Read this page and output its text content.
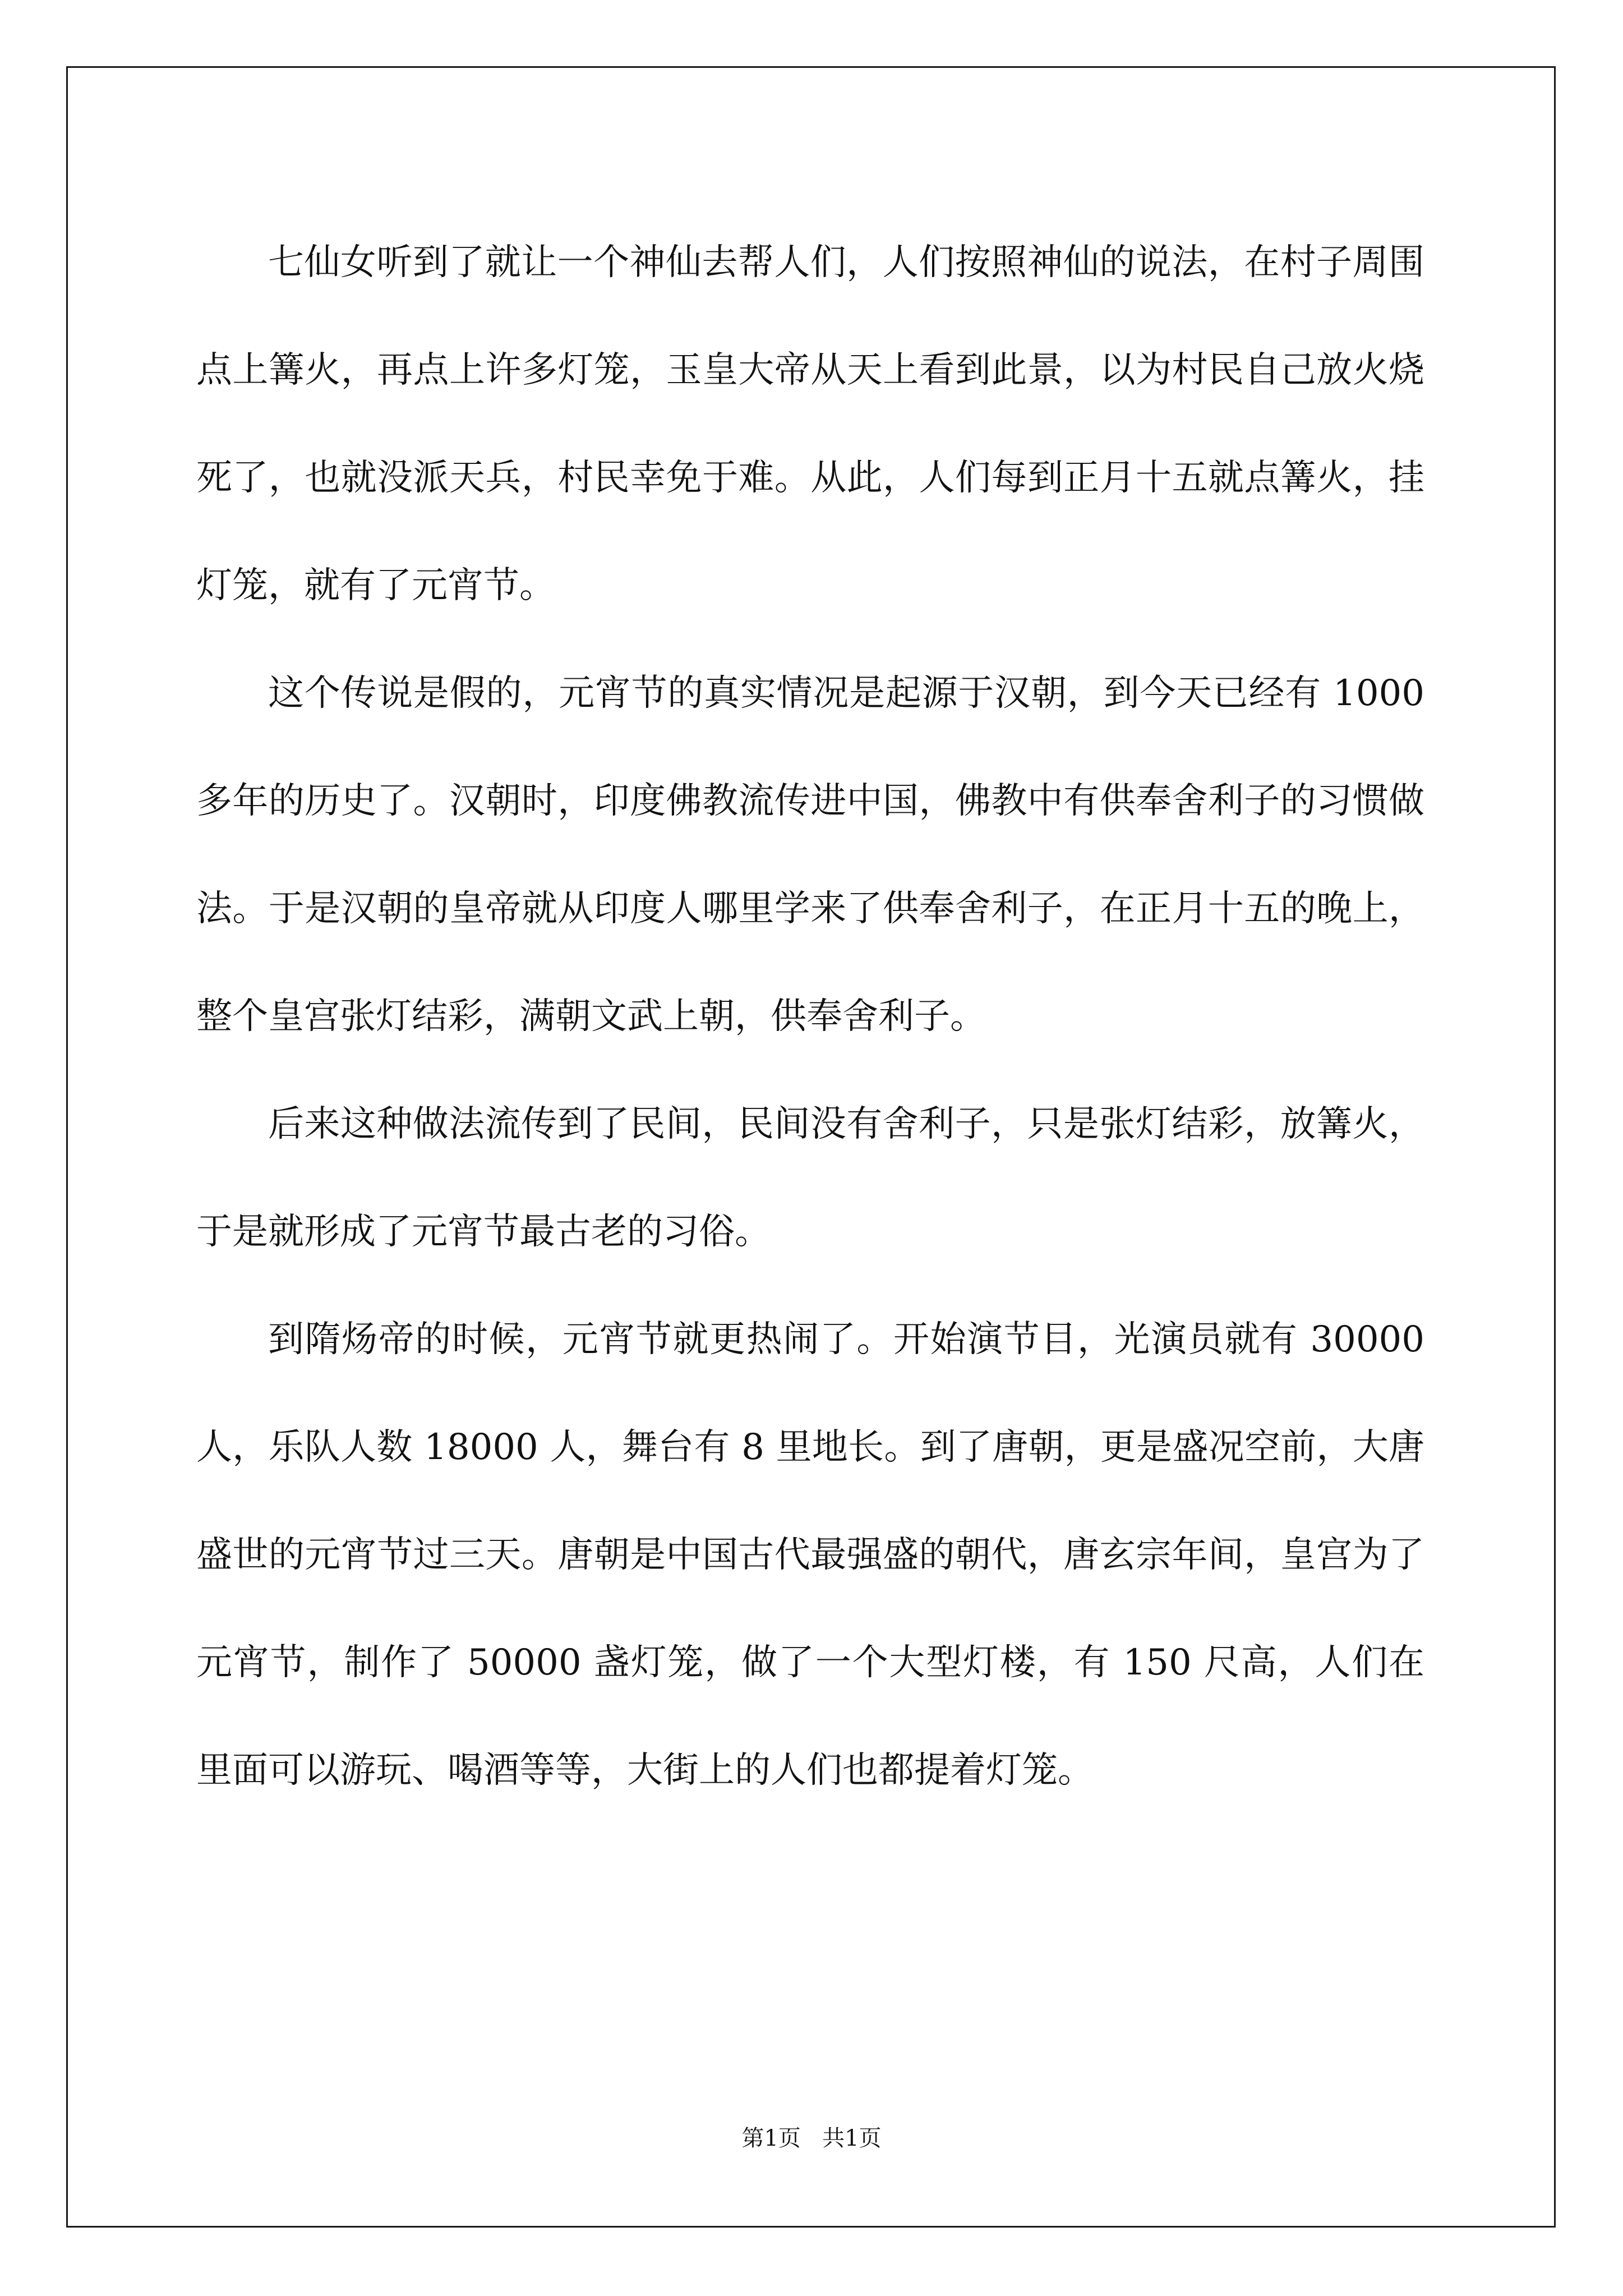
七仙女听到了就让一个神仙去帮人们，人们按照神仙的说法，在村子周围点上篝火，再点上许多灯笼，玉皇大帝从天上看到此景，以为村民自己放火烧死了，也就没派天兵，村民幸免于难。从此，人们每到正月十五就点篝火，挂灯笼，就有了元宵节。

这个传说是假的，元宵节的真实情况是起源于汉朝，到今天已经有 1000 多年的历史了。汉朝时，印度佛教流传进中国，佛教中有供奉舍利子的习惯做法。于是汉朝的皇帝就从印度人哪里学来了供奉舍利子，在正月十五的晚上，整个皇宫张灯结彩，满朝文武上朝，供奉舍利子。

后来这种做法流传到了民间，民间没有舍利子，只是张灯结彩，放篝火，于是就形成了元宵节最古老的习俗。

到隋炀帝的时候，元宵节就更热闹了。开始演节目，光演员就有 30000 人，乐队人数 18000 人，舞台有 8 里地长。到了唐朝，更是盛况空前，大唐盛世的元宵节过三天。唐朝是中国古代最强盛的朝代，唐玄宗年间，皇宫为了元宵节，制作了 50000 盏灯笼，做了一个大型灯楼，有 150 尺高，人们在里面可以游玩、喝酒等等，大街上的人们也都提着灯笼。

第1页 共1页
